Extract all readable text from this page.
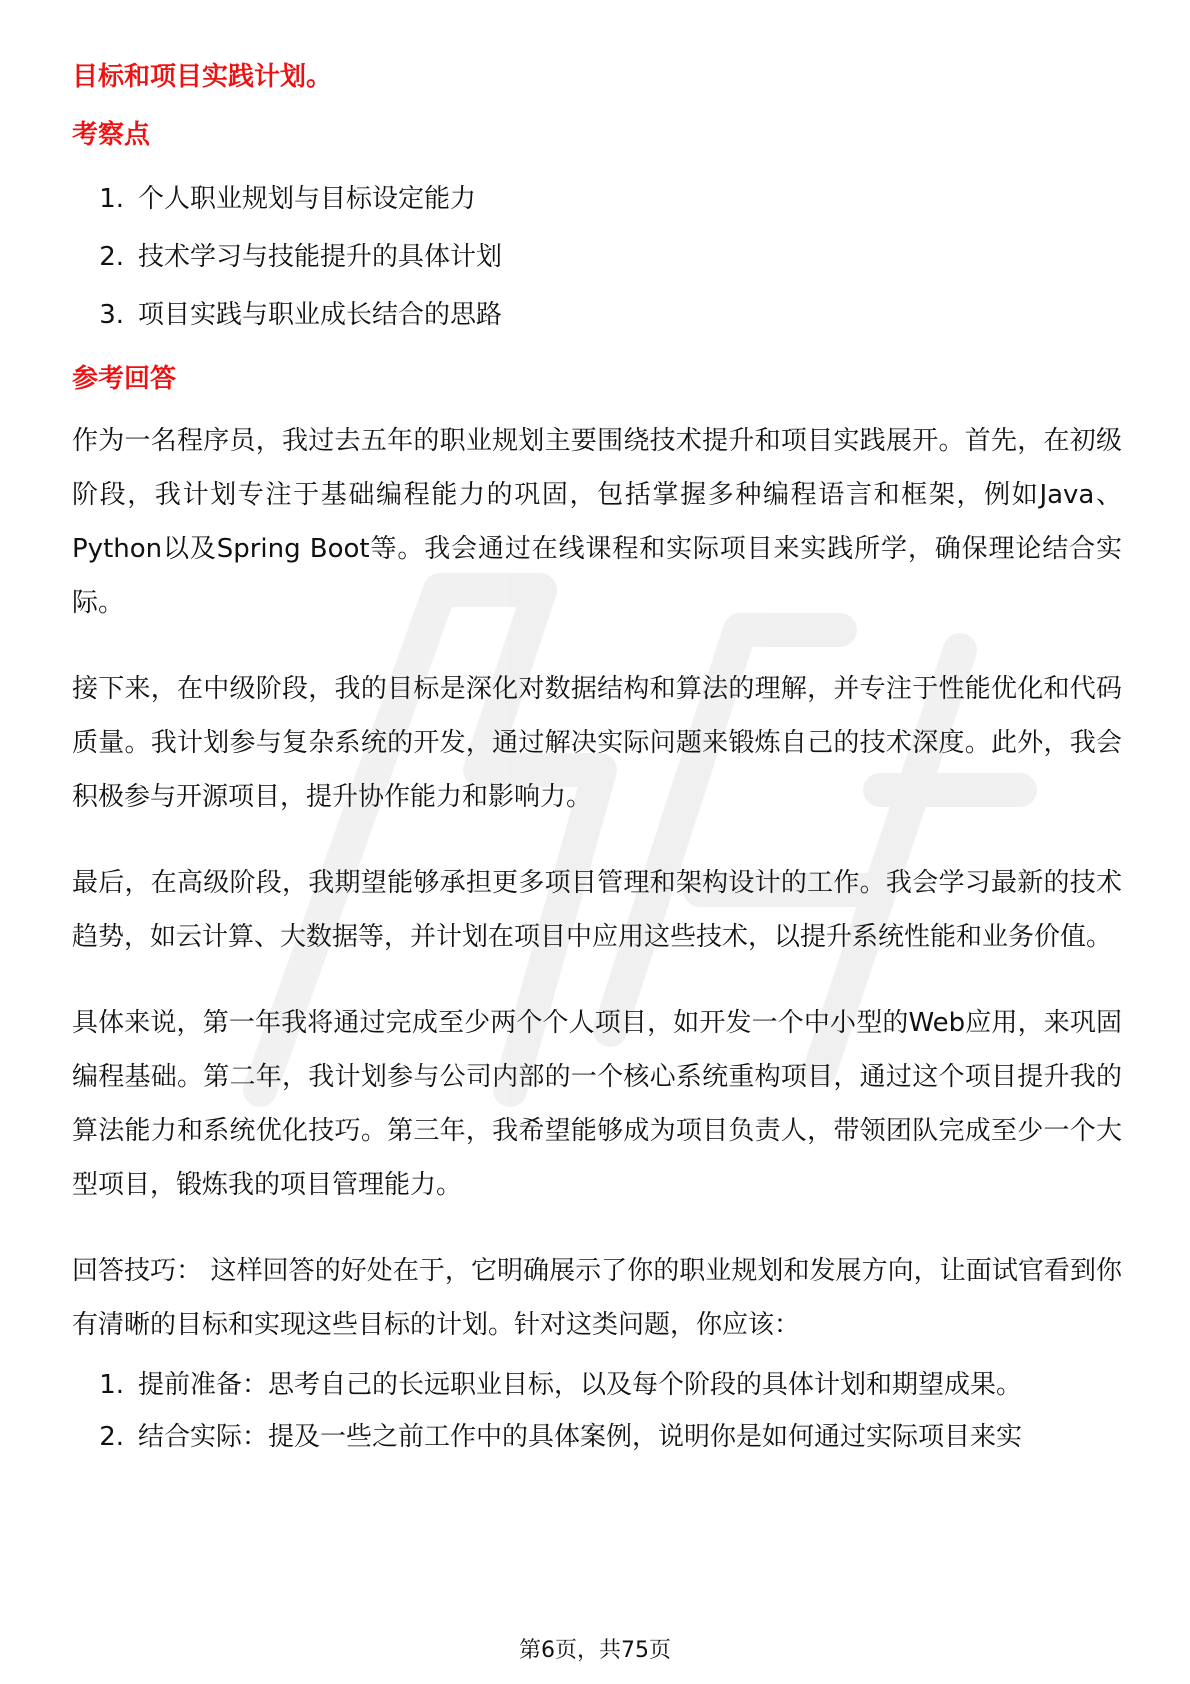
目标和项目实践计划。
考察点
1. 个人职业规划与目标设定能力
2. 技术学习与技能提升的具体计划
3. 项目实践与职业成长结合的思路
参考回答

作为一名程序员，我过去五年的职业规划主要围绕技术提升和项目实践展开。首先，在初级阶段，我计划专注于基础编程能力的巩固，包括掌握多种编程语言和框架，例如Java、Python以及Spring Boot等。我会通过在线课程和实际项目来实践所学，确保理论结合实际。

接下来，在中级阶段，我的目标是深化对数据结构和算法的理解，并专注于性能优化和代码质量。我计划参与复杂系统的开发，通过解决实际问题来锻炼自己的技术深度。此外，我会积极参与开源项目，提升协作能力和影响力。

最后，在高级阶段，我期望能够承担更多项目管理和架构设计的工作。我会学习最新的技术趋势，如云计算、大数据等，并计划在项目中应用这些技术，以提升系统性能和业务价值。

具体来说，第一年我将通过完成至少两个个人项目，如开发一个中小型的Web应用，来巩固编程基础。第二年，我计划参与公司内部的一个核心系统重构项目，通过这个项目提升我的算法能力和系统优化技巧。第三年，我希望能够成为项目负责人，带领团队完成至少一个大型项目，锻炼我的项目管理能力。

回答技巧： 这样回答的好处在于，它明确展示了你的职业规划和发展方向，让面试官看到你有清晰的目标和实现这些目标的计划。针对这类问题，你应该：

1. 提前准备：思考自己的长远职业目标，以及每个阶段的具体计划和期望成果。
2. 结合实际：提及一些之前工作中的具体案例，说明你是如何通过实际项目来实
第6页，共75页
